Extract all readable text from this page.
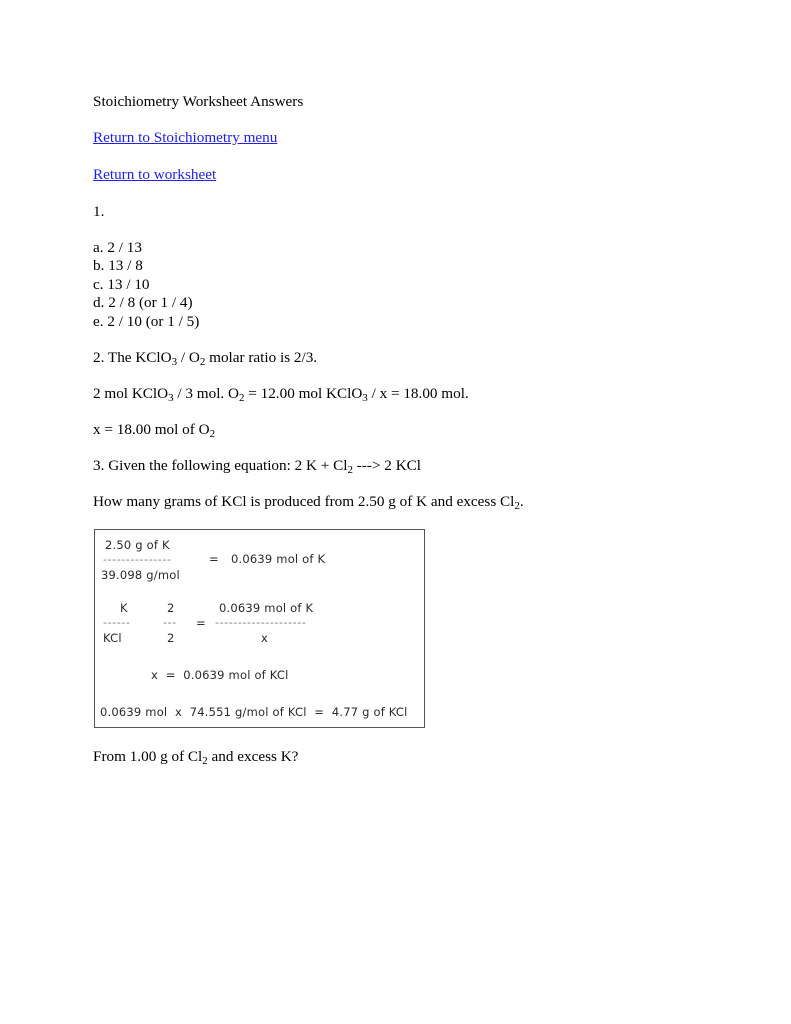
Stoichiometry Worksheet Answers

Return to Stoichiometry menu
Return to worksheet

1.

a. 2 / 13
b. 13 / 8
c. 13 / 10
d. 2 / 8 (or 1 / 4)
e. 2 / 10 (or 1 / 5)

2. The KClO$_3$ / $O_2$ molar ratio is 2/3.

2 mol KClO$_3$ / 3 mol. $O_2 = 12.00$ mol KClO$_3$ / x = 18.00 mol.

x = 18.00 mol of $O_2$

3. Given the following equation: 2 $K + Cl_2$ ---> 2 KCl

How many grams of KCl is produced from 2.50 g of K and excess $Cl_2$.

2.50 g of K
---------------
39.098 g/mol
= 0.0639 mol of K
K
------
KCl
2
---
2
=
0.0639 mol of K
--------------------
x
x  =  0.0639 mol of KCl
0.0639 mol  x  74.551 g/mol of KCl  =  4.77 g of KCl

From 1.00 g of $Cl_2$ and excess K?
